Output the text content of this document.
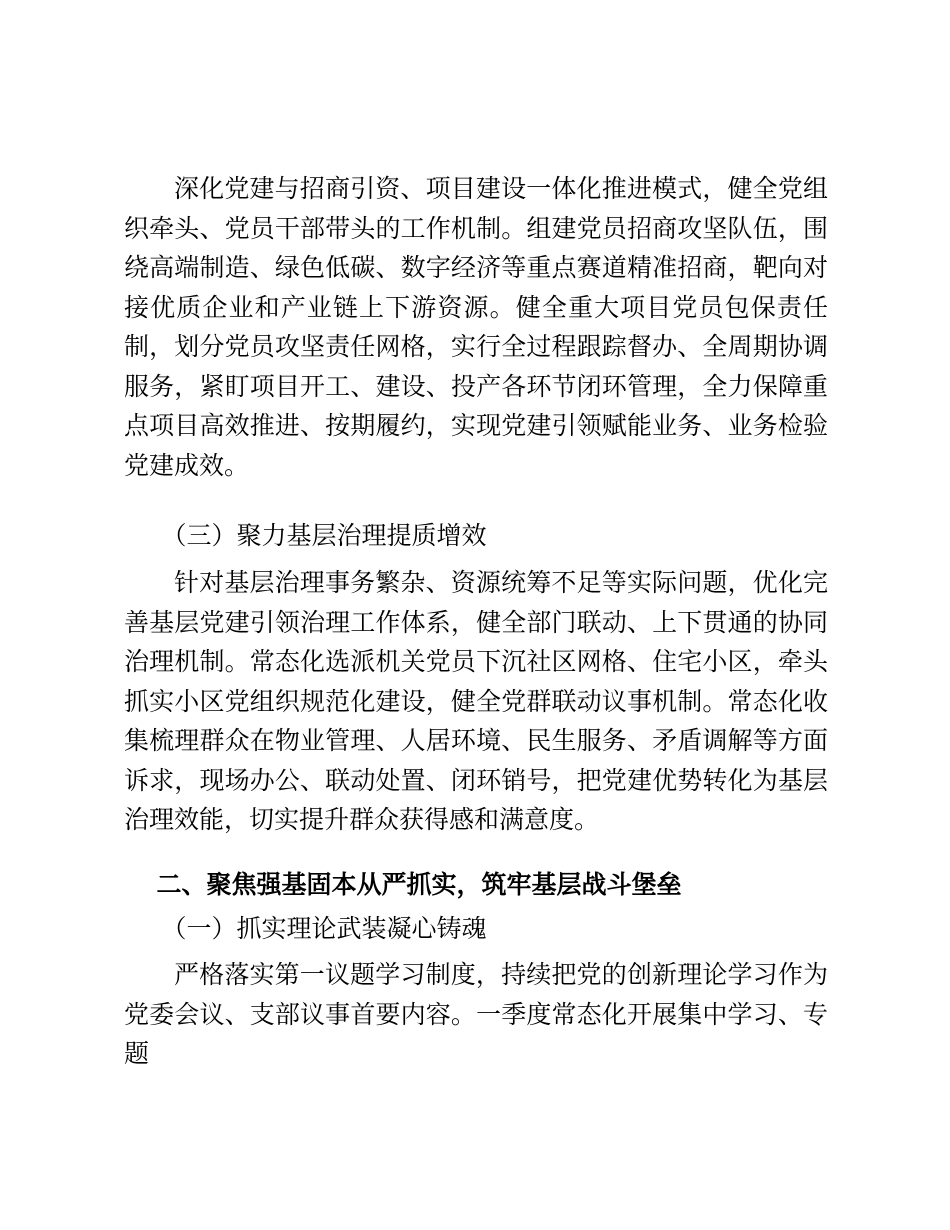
深化党建与招商引资、项目建设一体化推进模式，健全党组织牵头、党员干部带头的工作机制。组建党员招商攻坚队伍，围绕高端制造、绿色低碳、数字经济等重点赛道精准招商，靶向对接优质企业和产业链上下游资源。健全重大项目党员包保责任制，划分党员攻坚责任网格，实行全过程跟踪督办、全周期协调服务，紧盯项目开工、建设、投产各环节闭环管理，全力保障重点项目高效推进、按期履约，实现党建引领赋能业务、业务检验党建成效。
（三）聚力基层治理提质增效
针对基层治理事务繁杂、资源统筹不足等实际问题，优化完善基层党建引领治理工作体系，健全部门联动、上下贯通的协同治理机制。常态化选派机关党员下沉社区网格、住宅小区，牵头抓实小区党组织规范化建设，健全党群联动议事机制。常态化收集梳理群众在物业管理、人居环境、民生服务、矛盾调解等方面诉求，现场办公、联动处置、闭环销号，把党建优势转化为基层治理效能，切实提升群众获得感和满意度。
二、聚焦强基固本从严抓实，筑牢基层战斗堡垒
（一）抓实理论武装凝心铸魂
严格落实第一议题学习制度，持续把党的创新理论学习作为党委会议、支部议事首要内容。一季度常态化开展集中学习、专题
